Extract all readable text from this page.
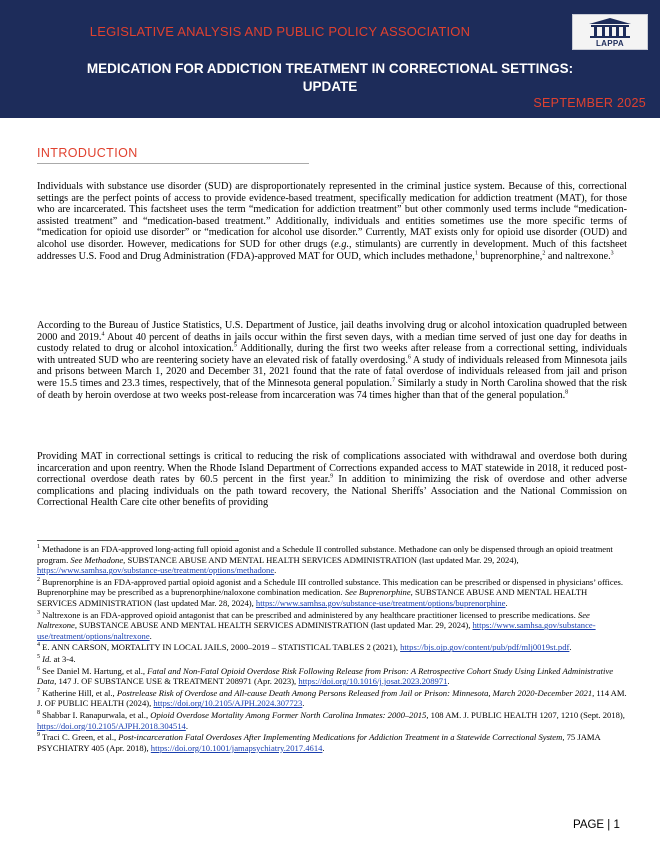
LEGISLATIVE ANALYSIS AND PUBLIC POLICY ASSOCIATION
LAPPA
MEDICATION FOR ADDICTION TREATMENT IN CORRECTIONAL SETTINGS:
UPDATE
SEPTEMBER 2025
INTRODUCTION

Individuals with substance use disorder (SUD) are disproportionately represented in the criminal justice system. Because of this, correctional settings are the perfect points of access to provide evidence-based treatment, specifically medication for addiction treatment (MAT), for those who are incarcerated. This factsheet uses the term “medication for addiction treatment” but other commonly used terms include “medication-assisted treatment” and “medication-based treatment.” Additionally, individuals and entities sometimes use the more specific terms of “medication for opioid use disorder” or “medication for alcohol use disorder.” Currently, MAT exists only for opioid use disorder (OUD) and alcohol use disorder. However, medications for SUD for other drugs (e.g., stimulants) are currently in development. Much of this factsheet addresses U.S. Food and Drug Administration (FDA)-approved MAT for OUD, which includes methadone,$^1$ buprenorphine,$^2$ and naltrexone.$^3$

According to the Bureau of Justice Statistics, U.S. Department of Justice, jail deaths involving drug or alcohol intoxication quadrupled between 2000 and 2019.$^4$ About 40 percent of deaths in jails occur within the first seven days, with a median time served of just one day for deaths in custody related to drug or alcohol intoxication.$^5$ Additionally, during the first two weeks after release from a correctional setting, individuals with untreated SUD who are reentering society have an elevated risk of fatally overdosing.$^6$ A study of individuals released from Minnesota jails and prisons between March 1, 2020 and December 31, 2021 found that the rate of fatal overdose of individuals released from jail and prison were 15.5 times and 23.3 times, respectively, that of the Minnesota general population.$^7$ Similarly a study in North Carolina showed that the risk of death by heroin overdose at two weeks post-release from incarceration was 74 times higher than that of the general population.$^8$

Providing MAT in correctional settings is critical to reducing the risk of complications associated with withdrawal and overdose both during incarceration and upon reentry. When the Rhode Island Department of Corrections expanded access to MAT statewide in 2018, it reduced post-correctional overdose death rates by 60.5 percent in the first year.$^9$ In addition to minimizing the risk of overdose and other adverse complications and placing individuals on the path toward recovery, the National Sheriffs’ Association and the National Commission on Correctional Health Care cite other benefits of providing

$^1$ Methadone is an FDA-approved long-acting full opioid agonist and a Schedule II controlled substance. Methadone can only be dispensed through an opioid treatment program. See Methadone, SUBSTANCE ABUSE AND MENTAL HEALTH SERVICES ADMINISTRATION (last updated Mar. 29, 2024), https://www.samhsa.gov/substance-use/treatment/options/methadone.

$^2$ Buprenorphine is an FDA-approved partial opioid agonist and a Schedule III controlled substance. This medication can be prescribed or dispensed in physicians’ offices. Buprenorphine may be prescribed as a buprenorphine/naloxone combination medication. See Buprenorphine, SUBSTANCE ABUSE AND MENTAL HEALTH SERVICES ADMINISTRATION (last updated Mar. 28, 2024), https://www.samhsa.gov/substance-use/treatment/options/buprenorphine.

$^3$ Naltrexone is an FDA-approved opioid antagonist that can be prescribed and administered by any healthcare practitioner licensed to prescribe medications. See Naltrexone, SUBSTANCE ABUSE AND MENTAL HEALTH SERVICES ADMINISTRATION (last updated Mar. 29, 2024), https://www.samhsa.gov/substance-use/treatment/options/naltrexone.

$^4$ E. ANN CARSON, MORTALITY IN LOCAL JAILS, 2000–2019 – STATISTICAL TABLES 2 (2021), https://bjs.ojp.gov/content/pub/pdf/mlj0019st.pdf.

$^5$ Id. at 3-4.

$^6$ See Daniel M. Hartung, et al., Fatal and Non-Fatal Opioid Overdose Risk Following Release from Prison: A Retrospective Cohort Study Using Linked Administrative Data, 147 J. OF SUBSTANCE USE & TREATMENT 208971 (Apr. 2023), https://doi.org/10.1016/j.josat.2023.208971.

$^7$ Katherine Hill, et al., Postrelease Risk of Overdose and All-cause Death Among Persons Released from Jail or Prison: Minnesota, March 2020-December 2021, 114 AM. J. OF PUBLIC HEALTH (2024), https://doi.org/10.2105/AJPH.2024.307723.

$^8$ Shabbar I. Ranapurwala, et al., Opioid Overdose Mortality Among Former North Carolina Inmates: 2000–2015, 108 AM. J. PUBLIC HEALTH 1207, 1210 (Sept. 2018), https://doi.org/10.2105/AJPH.2018.304514.

$^9$ Traci C. Green, et al., Post-incarceration Fatal Overdoses After Implementing Medications for Addiction Treatment in a Statewide Correctional System, 75 JAMA PSYCHIATRY 405 (Apr. 2018), https://doi.org/10.1001/jamapsychiatry.2017.4614.

PAGE | 1
